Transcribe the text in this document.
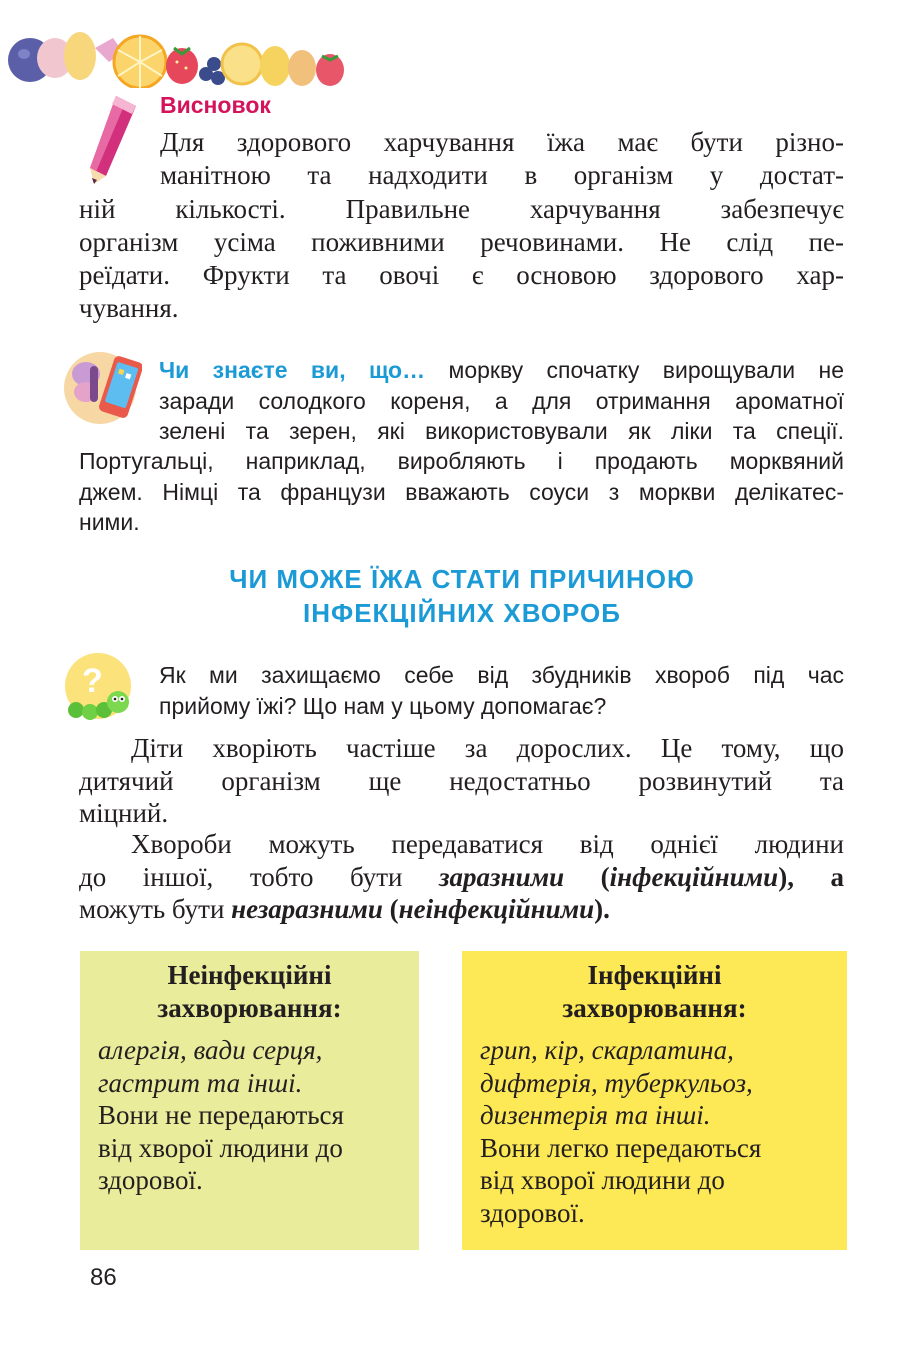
Висновок
Для здорового харчування їжа має бути різно-
манітною та надходити в організм у достат-
ній кількості. Правильне харчування забезпечує
організм усіма поживними речовинами. Не слід пе-
реїдати. Фрукти та овочі є основою здорового хар-
чування.
Чи знаєте ви, що… моркву спочатку вирощували не
заради солодкого кореня, а для отримання ароматної
зелені та зерен, які використовували як ліки та спеції.
Португальці, наприклад, виробляють і продають морквяний
джем. Німці та французи вважають соуси з моркви делікатес-
ними.
ЧИ МОЖЕ ЇЖА СТАТИ ПРИЧИНОЮ
ІНФЕКЦІЙНИХ ХВОРОБ
? Як ми захищаємо себе від збудників хвороб під час
прийому їжі? Що нам у цьому допомагає?
Діти хворіють частіше за дорослих. Це тому, що
дитячий організм ще недостатньо розвинутий та
міцний.
Хвороби можуть передаватися від однієї людини
до іншої, тобто бути заразними (інфекційними), а
можуть бути незаразними (неінфекційними).
Неінфекційні
захворювання:
алергія, вади серця,
гастрит та інші.
Вони не передаються
від хворої людини до
здорової.
Інфекційні
захворювання:
грип, кір, скарлатина,
дифтерія, туберкульоз,
дизентерія та інші.
Вони легко передаються
від хворої людини до
здорової.
86
